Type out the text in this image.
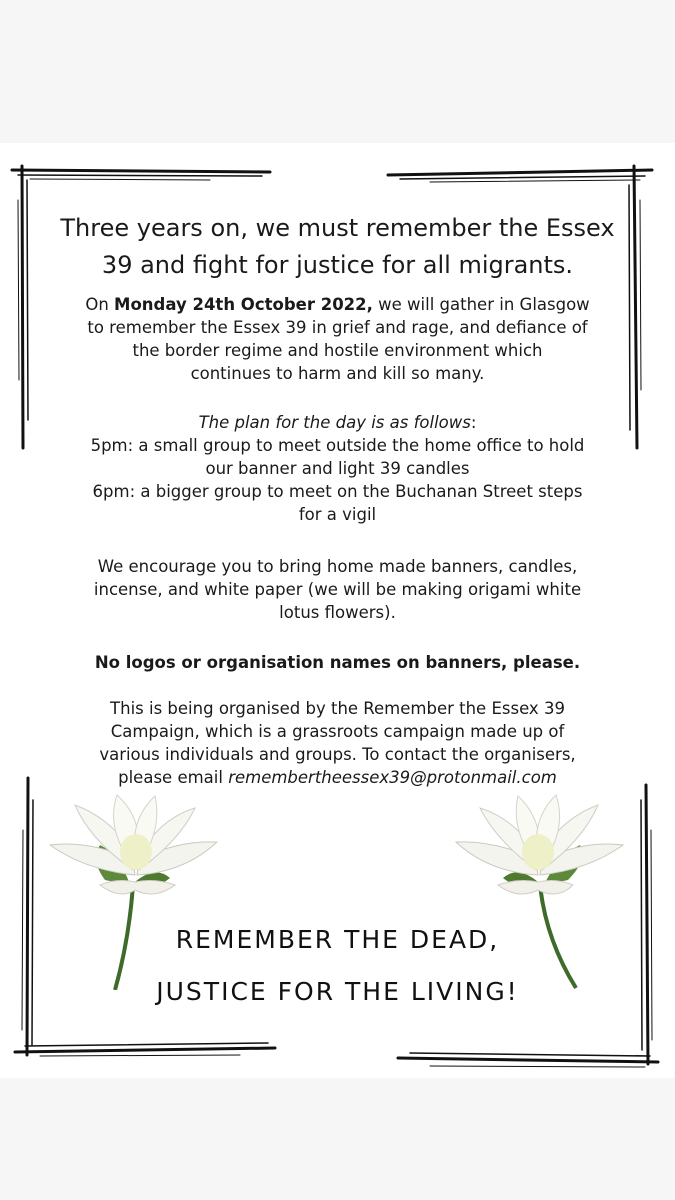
Three years on, we must remember the Essex
39 and fight for justice for all migrants.

On Monday 24th October 2022, we will gather in Glasgow
to remember the Essex 39 in grief and rage, and defiance of
the border regime and hostile environment which
continues to harm and kill so many.

The plan for the day is as follows:
5pm: a small group to meet outside the home office to hold
our banner and light 39 candles
6pm: a bigger group to meet on the Buchanan Street steps
for a vigil

We encourage you to bring home made banners, candles,
incense, and white paper (we will be making origami white
lotus flowers).

No logos or organisation names on banners, please.

This is being organised by the Remember the Essex 39
Campaign, which is a grassroots campaign made up of
various individuals and groups. To contact the organisers,
please email remembertheessex39@protonmail.com

REMEMBER THE DEAD,
JUSTICE FOR THE LIVING!
